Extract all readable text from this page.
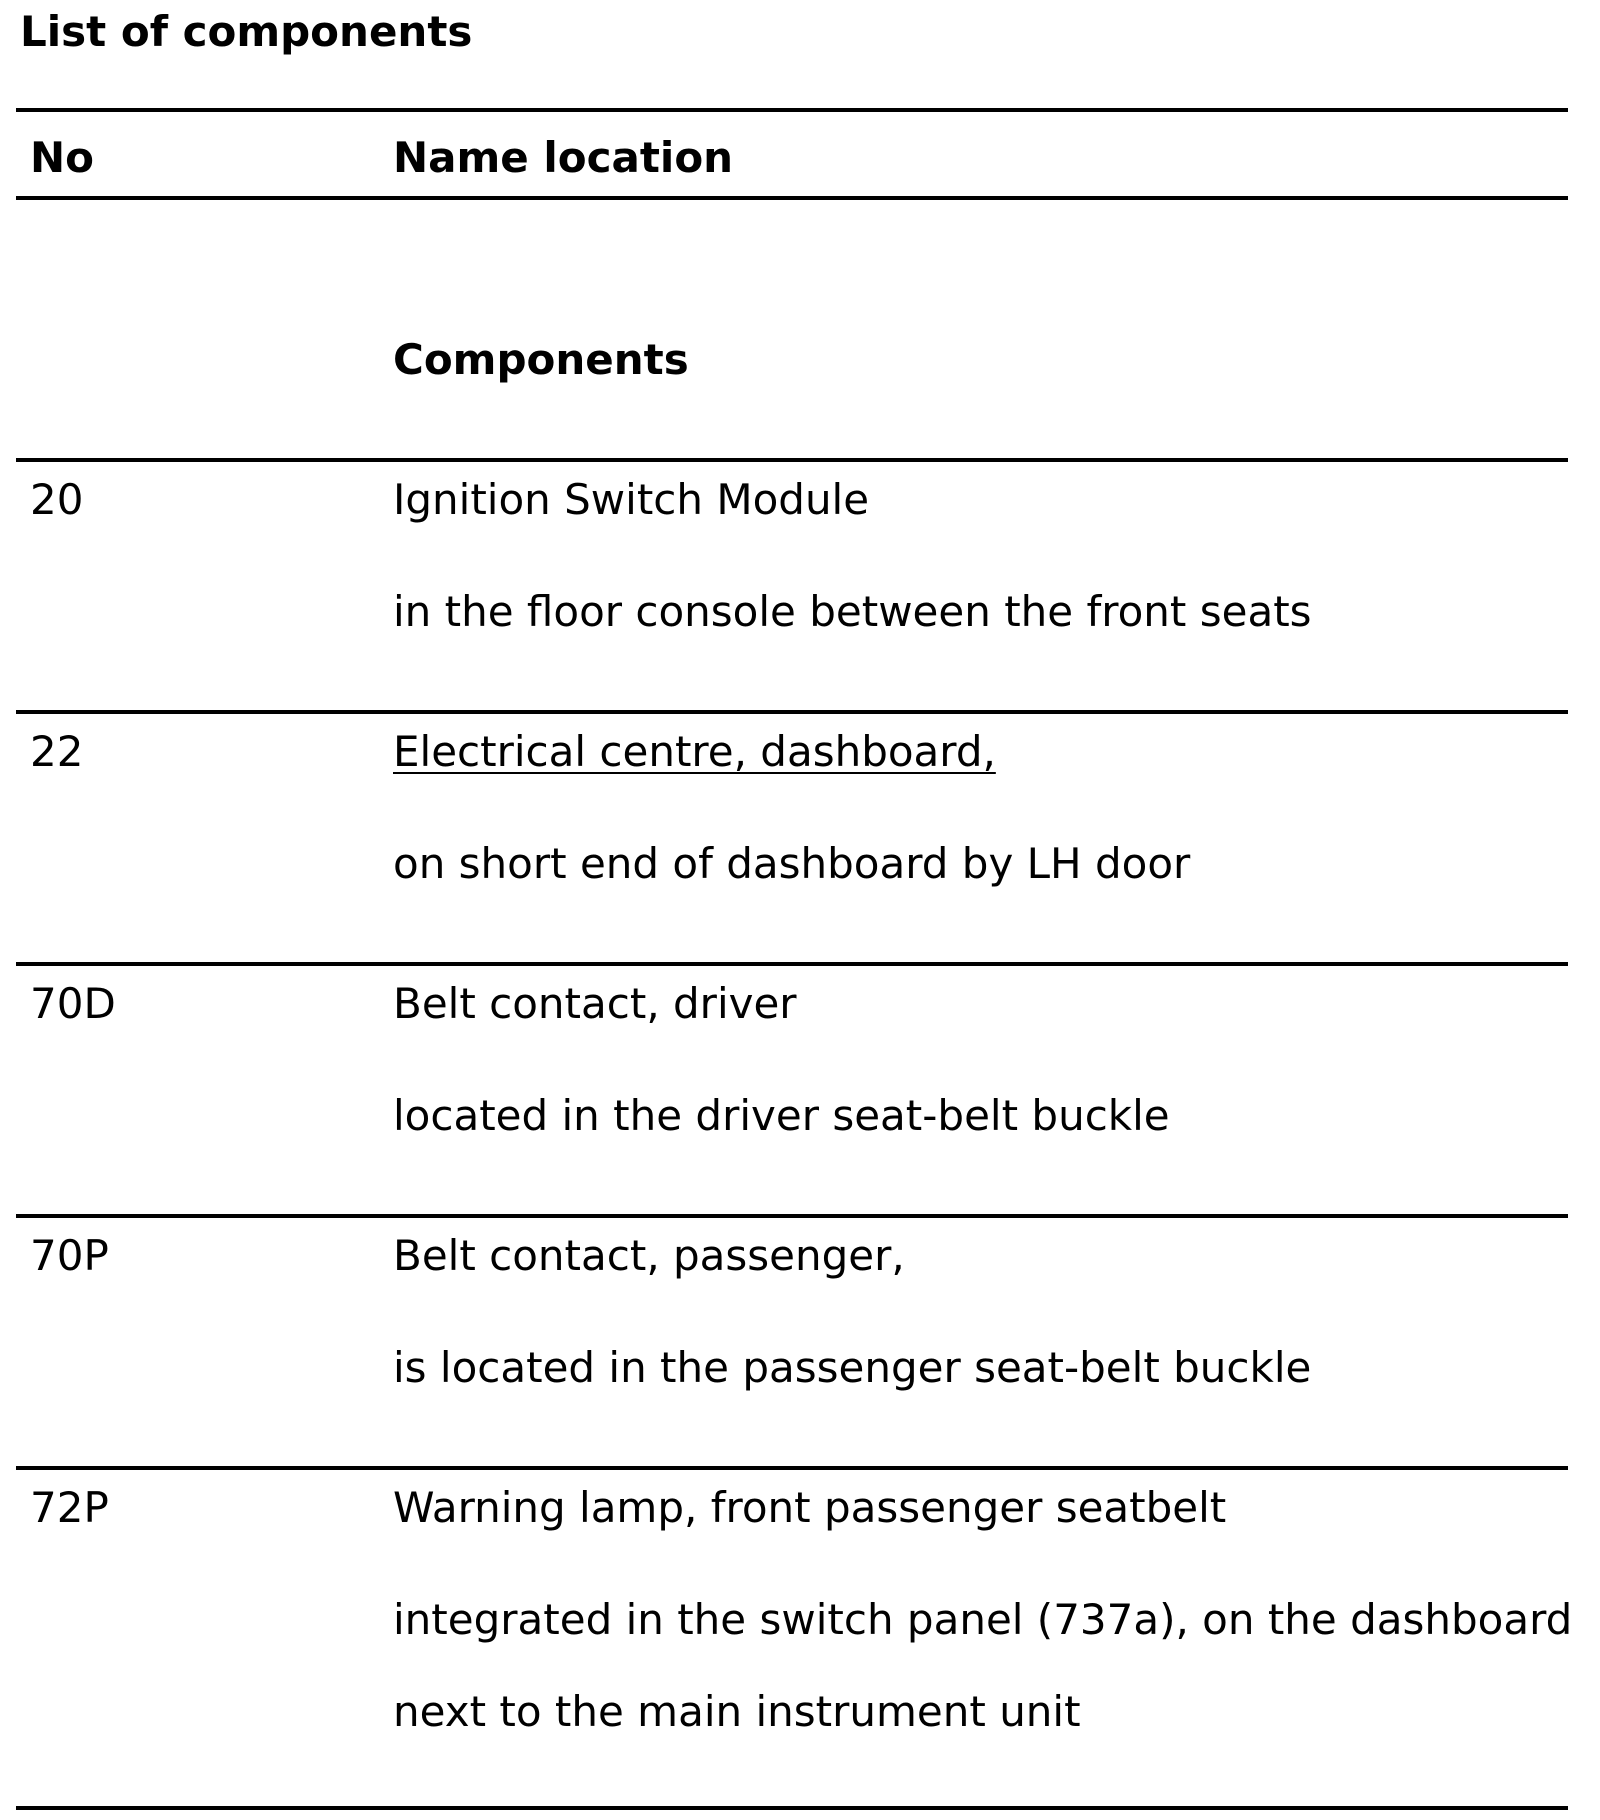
List of components
No	Name location
Components
20	Ignition Switch Module
in the floor console between the front seats
22	Electrical centre, dashboard,
on short end of dashboard by LH door
70D	Belt contact, driver
located in the driver seat-belt buckle
70P	Belt contact, passenger,
is located in the passenger seat-belt buckle
72P	Warning lamp, front passenger seatbelt
integrated in the switch panel (737a), on the dashboard
next to the main instrument unit
